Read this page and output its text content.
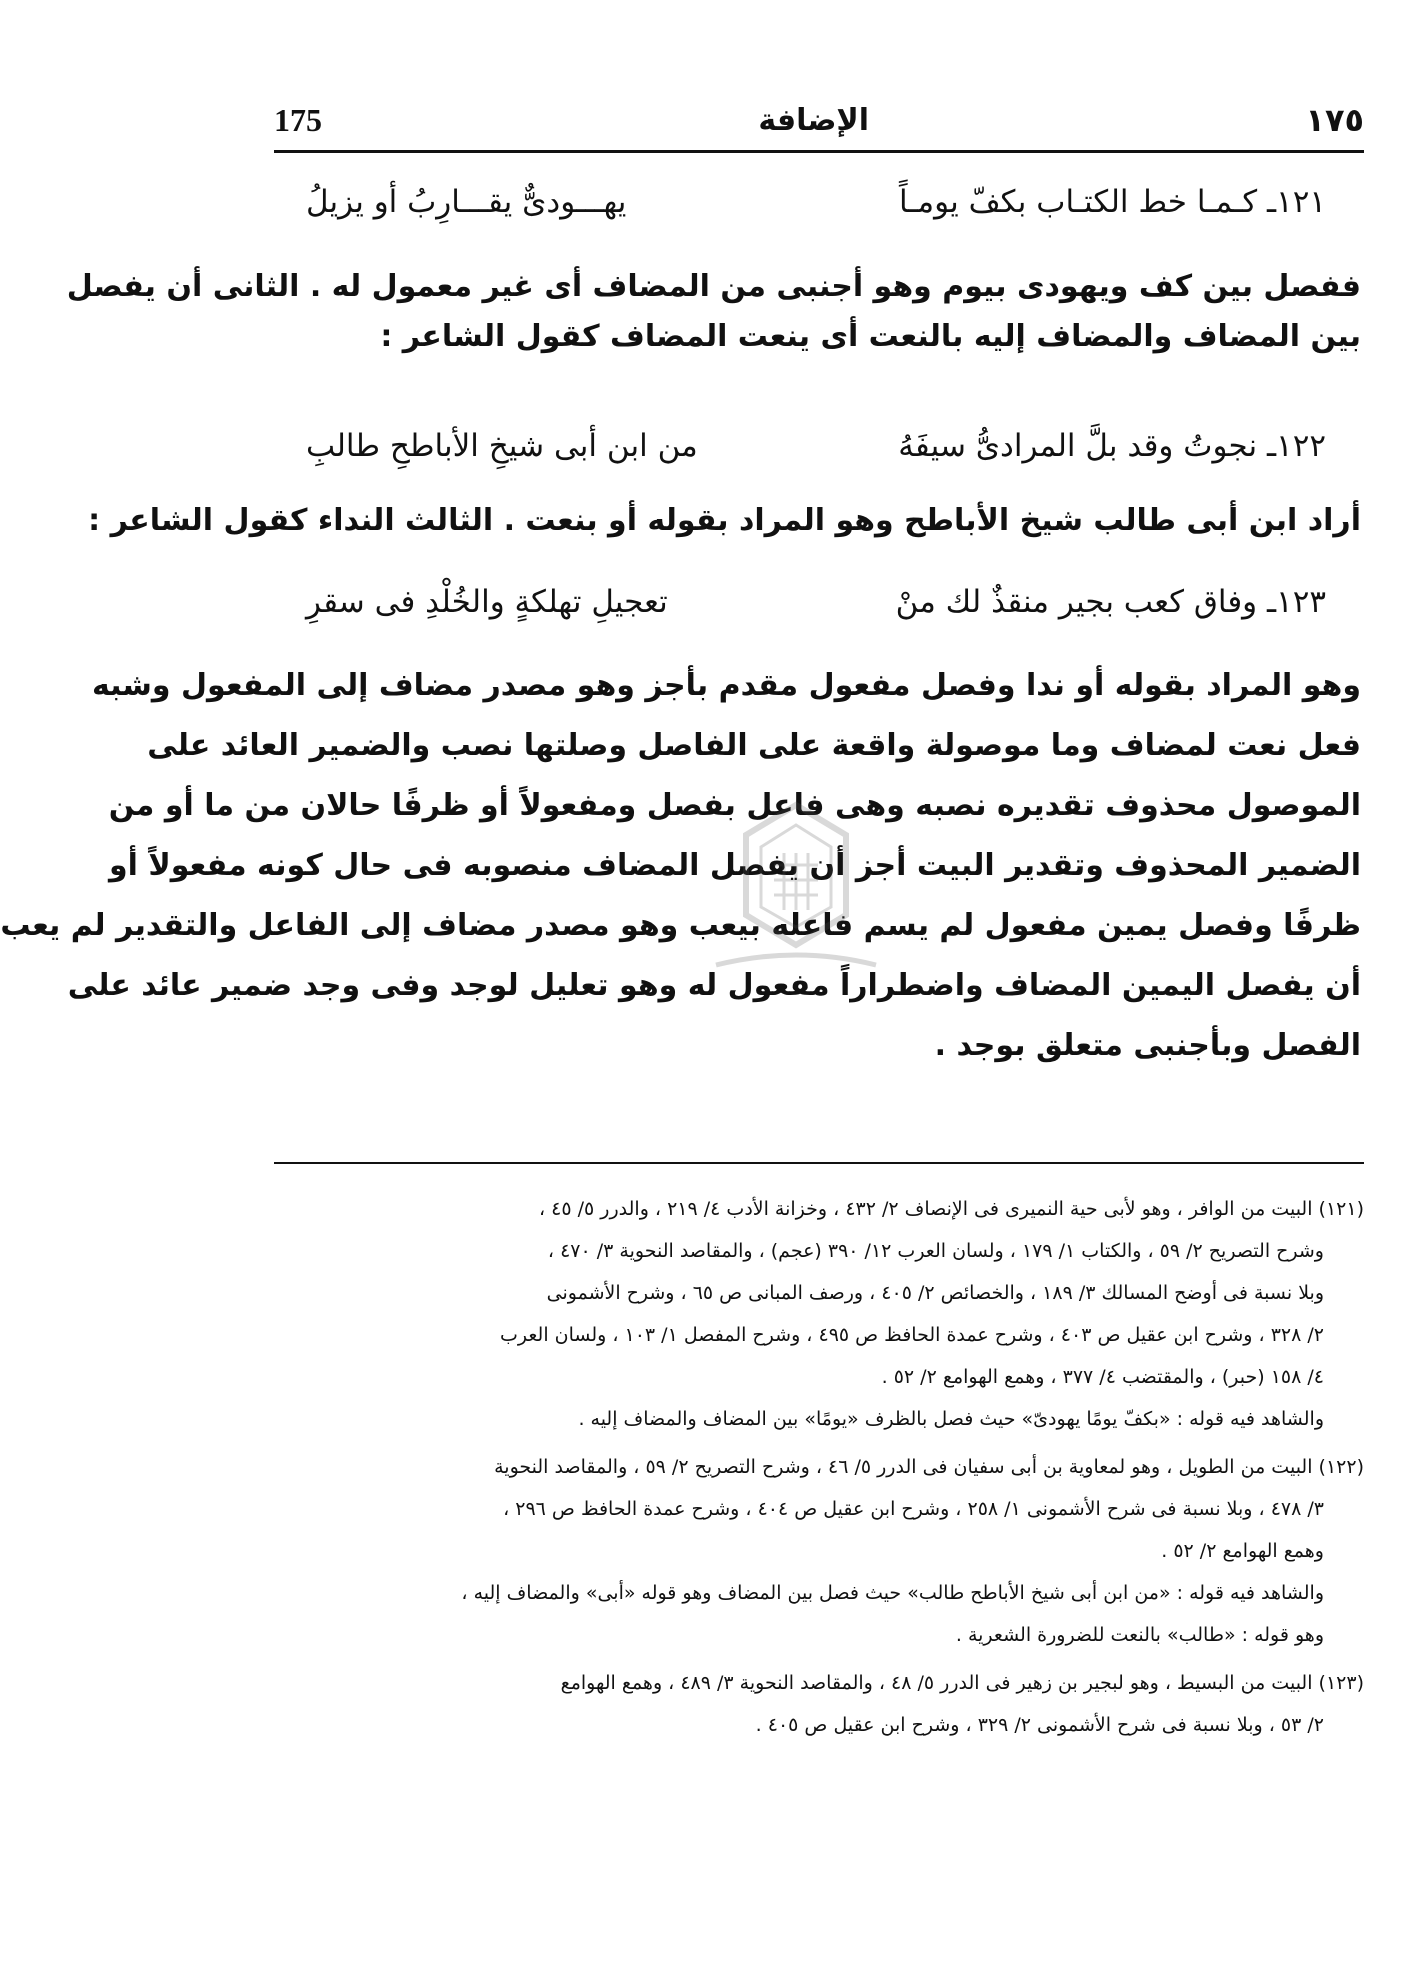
175	الإضافة	١٧٥
١٢١ـ كـمـا خط الكتـاب بكفّ يومـاً
يهـــودىٌّ يقـــارِبُ أو يزيلُ
ففصل بين كف ويهودى بيوم وهو أجنبى من المضاف أى غير معمول له . الثانى أن يفصل
بين المضاف والمضاف إليه بالنعت أى ينعت المضاف كقول الشاعر :
١٢٢ـ نجوتُ وقد بلَّ المرادىُّ سيفَهُ
من ابن أبى شيخِ الأباطحِ طالبِ
أراد ابن أبى طالب شيخ الأباطح وهو المراد بقوله أو بنعت . الثالث النداء كقول الشاعر :
١٢٣ـ وفاق كعب بجير منقذٌ لك منْ
تعجيلِ تهلكةٍ والخُلْدِ فى سقرِ
وهو المراد بقوله أو ندا وفصل مفعول مقدم بأجز وهو مصدر مضاف إلى المفعول وشبه
فعل نعت لمضاف وما موصولة واقعة على الفاصل وصلتها نصب والضمير العائد على
الموصول محذوف تقديره نصبه وهى فاعل بفصل ومفعولاً أو ظرفًا حالان من ما أو من
الضمير المحذوف وتقدير البيت أجز أن يفصل المضاف منصوبه فى حال كونه مفعولاً أو
ظرفًا وفصل يمين مفعول لم يسم فاعله بيعب وهو مصدر مضاف إلى الفاعل والتقدير لم يعب
أن يفصل اليمين المضاف واضطراراً مفعول له وهو تعليل لوجد وفى وجد ضمير عائد على
الفصل وبأجنبى متعلق بوجد .
(١٢١) البيت من الوافر ، وهو لأبى حية النميرى فى الإنصاف ٢/ ٤٣٢ ، وخزانة الأدب ٤/ ٢١٩ ، والدرر ٥/ ٤٥ ،
وشرح التصريح ٢/ ٥٩ ، والكتاب ١/ ١٧٩ ، ولسان العرب ١٢/ ٣٩٠ (عجم) ، والمقاصد النحوية ٣/ ٤٧٠ ،
وبلا نسبة فى أوضح المسالك ٣/ ١٨٩ ، والخصائص ٢/ ٤٠٥ ، ورصف المبانى ص ٦٥ ، وشرح الأشمونى
٢/ ٣٢٨ ، وشرح ابن عقيل ص ٤٠٣ ، وشرح عمدة الحافظ ص ٤٩٥ ، وشرح المفصل ١/ ١٠٣ ، ولسان العرب
٤/ ١٥٨ (حبر) ، والمقتضب ٤/ ٣٧٧ ، وهمع الهوامع ٢/ ٥٢ .
والشاهد فيه قوله : «بكفّ يومًا يهودىّ» حيث فصل بالظرف «يومًا» بين المضاف والمضاف إليه .
(١٢٢) البيت من الطويل ، وهو لمعاوية بن أبى سفيان فى الدرر ٥/ ٤٦ ، وشرح التصريح ٢/ ٥٩ ، والمقاصد النحوية
٣/ ٤٧٨ ، وبلا نسبة فى شرح الأشمونى ١/ ٢٥٨ ، وشرح ابن عقيل ص ٤٠٤ ، وشرح عمدة الحافظ ص ٢٩٦ ،
وهمع الهوامع ٢/ ٥٢ .
والشاهد فيه قوله : «من ابن أبى شيخ الأباطح طالب» حيث فصل بين المضاف وهو قوله «أبى» والمضاف إليه ،
وهو قوله : «طالب» بالنعت للضرورة الشعرية .
(١٢٣) البيت من البسيط ، وهو لبجير بن زهير فى الدرر ٥/ ٤٨ ، والمقاصد النحوية ٣/ ٤٨٩ ، وهمع الهوامع
٢/ ٥٣ ، وبلا نسبة فى شرح الأشمونى ٢/ ٣٢٩ ، وشرح ابن عقيل ص ٤٠٥ .
